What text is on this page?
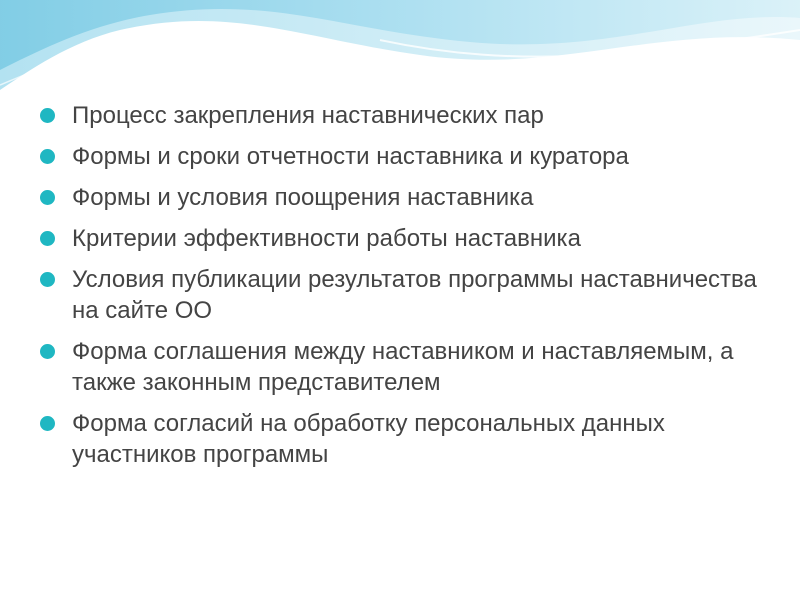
Процесс закрепления наставнических пар
Формы и сроки отчетности наставника и куратора
Формы и условия поощрения наставника
Критерии эффективности работы наставника
Условия публикации результатов программы наставничества на сайте ОО
Форма соглашения между наставником и наставляемым, а также законным представителем
Форма согласий на обработку персональных данных участников программы
